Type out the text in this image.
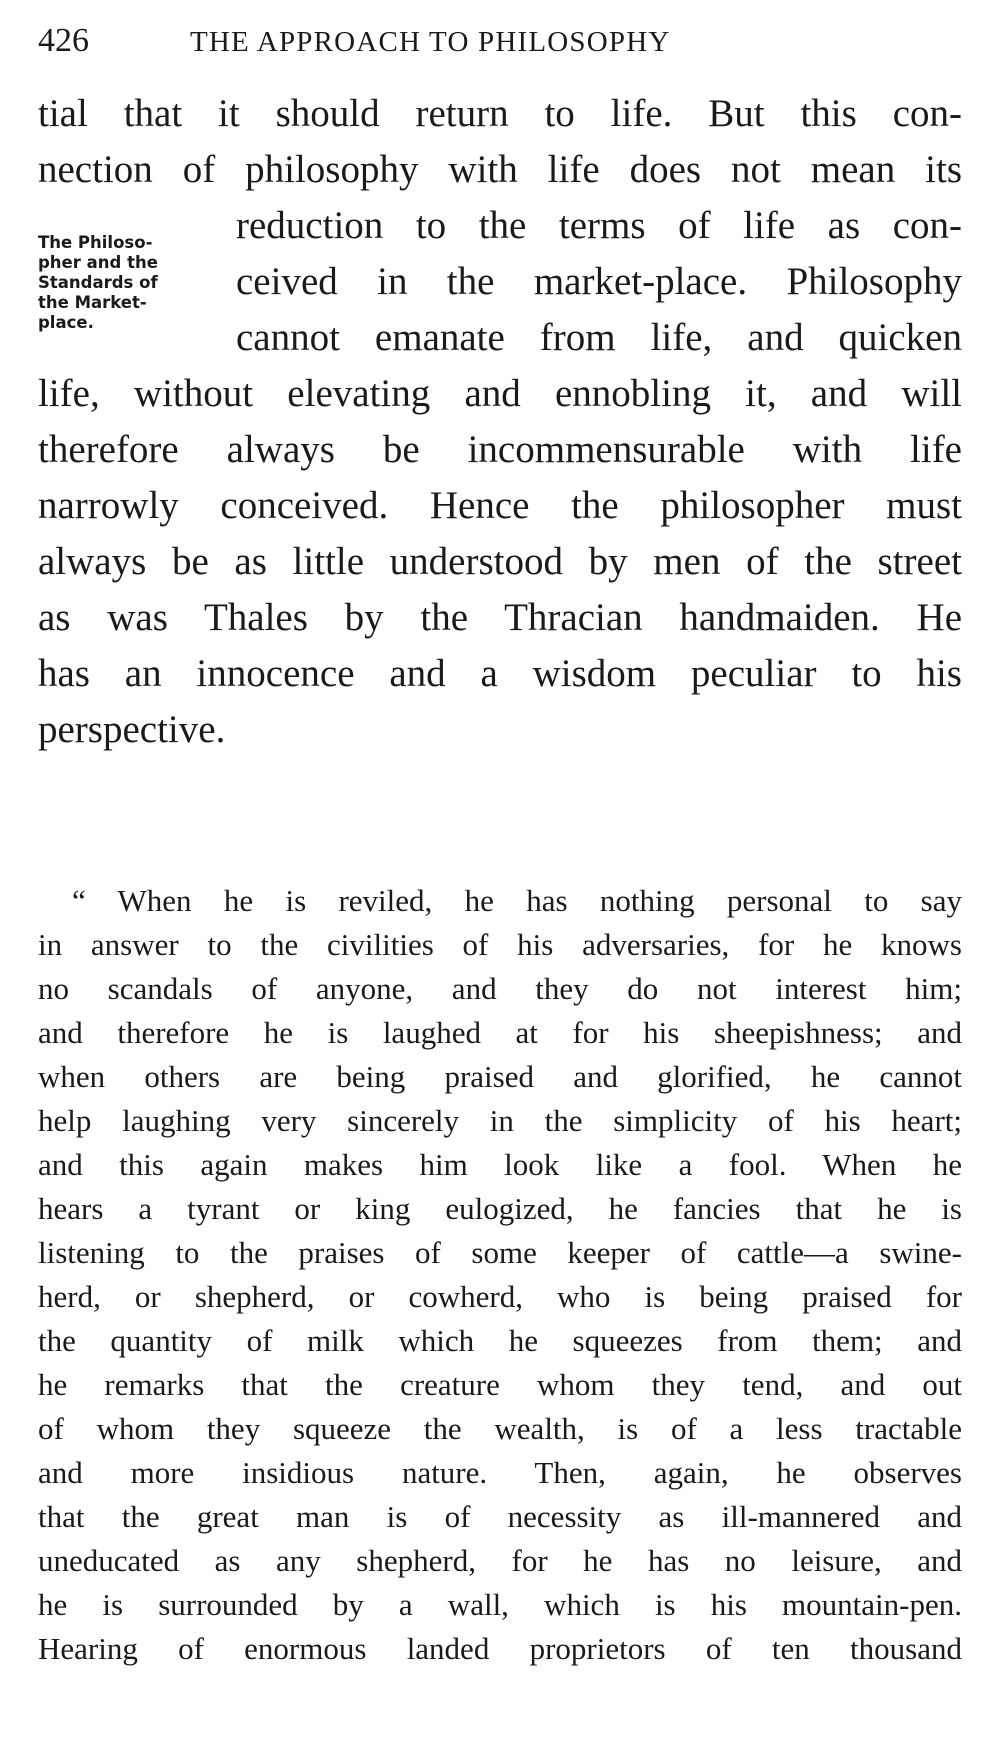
426	THE APPROACH TO PHILOSOPHY
The Philoso-
pher and the
Standards of
the Market-
place.
tial that it should return to life. But this con-
nection of philosophy with life does not mean its
reduction to the terms of life as con-
ceived in the market-place. Philosophy
cannot emanate from life, and quicken
life, without elevating and ennobling it, and will
therefore always be incommensurable with life
narrowly conceived. Hence the philosopher must
always be as little understood by men of the street
as was Thales by the Thracian handmaiden. He
has an innocence and a wisdom peculiar to his
perspective.
“ When he is reviled, he has nothing personal to say
in answer to the civilities of his adversaries, for he knows
no scandals of anyone, and they do not interest him;
and therefore he is laughed at for his sheepishness; and
when others are being praised and glorified, he cannot
help laughing very sincerely in the simplicity of his heart;
and this again makes him look like a fool. When he
hears a tyrant or king eulogized, he fancies that he is
listening to the praises of some keeper of cattle—a swine-
herd, or shepherd, or cowherd, who is being praised for
the quantity of milk which he squeezes from them; and
he remarks that the creature whom they tend, and out
of whom they squeeze the wealth, is of a less tractable
and more insidious nature. Then, again, he observes
that the great man is of necessity as ill-mannered and
uneducated as any shepherd, for he has no leisure, and
he is surrounded by a wall, which is his mountain-pen.
Hearing of enormous landed proprietors of ten thousand
